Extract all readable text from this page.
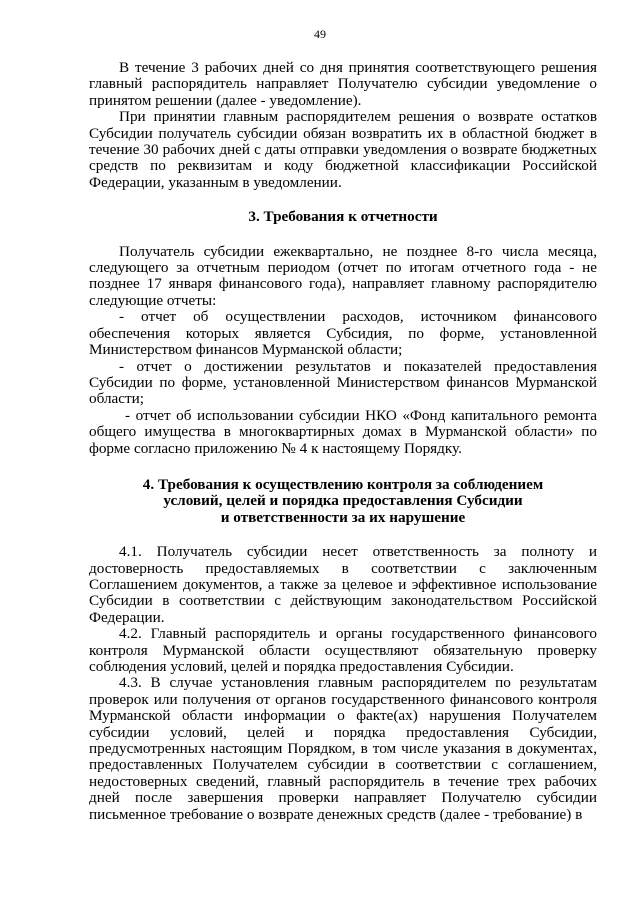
49

В течение 3 рабочих дней со дня принятия соответствующего решения главный распорядитель направляет Получателю субсидии уведомление о принятом решении (далее - уведомление).

При принятии главным распорядителем решения о возврате остатков Субсидии получатель субсидии обязан возвратить их в областной бюджет в течение 30 рабочих дней с даты отправки уведомления о возврате бюджетных средств по реквизитам и коду бюджетной классификации Российской Федерации, указанным в уведомлении.

3. Требования к отчетности

Получатель субсидии ежеквартально, не позднее 8-го числа месяца, следующего за отчетным периодом (отчет по итогам отчетного года - не позднее 17 января финансового года), направляет главному распорядителю следующие отчеты:

- отчет об осуществлении расходов, источником финансового обеспечения которых является Субсидия, по форме, установленной Министерством финансов Мурманской области;

- отчет о достижении результатов и показателей предоставления Субсидии по форме, установленной Министерством финансов Мурманской области;

- отчет об использовании субсидии НКО «Фонд капитального ремонта общего имущества в многоквартирных домах в Мурманской области» по форме согласно приложению № 4 к настоящему Порядку.

4. Требования к осуществлению контроля за соблюдением
условий, целей и порядка предоставления Субсидии
и ответственности за их нарушение

4.1. Получатель субсидии несет ответственность за полноту и достоверность предоставляемых в соответствии с заключенным Соглашением документов, а также за целевое и эффективное использование Субсидии в соответствии с действующим законодательством Российской Федерации.

4.2. Главный распорядитель и органы государственного финансового контроля Мурманской области осуществляют обязательную проверку соблюдения условий, целей и порядка предоставления Субсидии.

4.3. В случае установления главным распорядителем по результатам проверок или получения от органов государственного финансового контроля Мурманской области информации о факте(ах) нарушения Получателем субсидии условий, целей и порядка предоставления Субсидии, предусмотренных настоящим Порядком, в том числе указания в документах, предоставленных Получателем субсидии в соответствии с соглашением, недостоверных сведений, главный распорядитель в течение трех рабочих дней после завершения проверки направляет Получателю субсидии письменное требование о возврате денежных средств (далее - требование) в
